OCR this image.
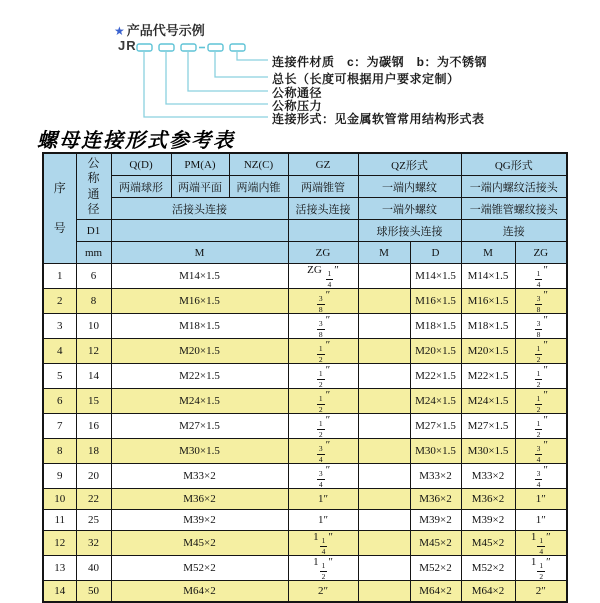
★ 产品代号示例
JR
连接件材质　c：为碳钢　b：为不锈钢
总长（长度可根据用户要求定制）
公称通径
公称压力
连接形式：见金属软管常用结构形式表
螺母连接形式参考表
序
号

公
称
通
径
	Q(D)	PM(A)	NZ(C)	GZ	QZ形式	QG形式
		两端球形	两端平面	两端内锥	两端锥管	一端内螺纹		一端内螺纹活接头	
		活接头连接			活接头连接	一端外螺纹		一端锥管螺纹接头	
	D1					球形接头连接		连接	
	mm	M			ZG	M	D	M	ZG
1	6	M14×1.5			ZG $\frac{1}{4}$ ″		M14×1.5	M14×1.5	$\frac{1}{4}$ ″
2	8	M16×1.5			$\frac{3}{8}$ ″		M16×1.5	M16×1.5	$\frac{3}{8}$ ″
3	10	M18×1.5			$\frac{3}{8}$ ″		M18×1.5	M18×1.5	$\frac{3}{8}$ ″
4	12	M20×1.5			$\frac{1}{2}$ ″		M20×1.5	M20×1.5	$\frac{1}{2}$ ″
5	14	M22×1.5			$\frac{1}{2}$ ″		M22×1.5	M22×1.5	$\frac{1}{2}$ ″
6	15	M24×1.5			$\frac{1}{2}$ ″		M24×1.5	M24×1.5	$\frac{1}{2}$ ″
7	16	M27×1.5			$\frac{1}{2}$ ″		M27×1.5	M27×1.5	$\frac{1}{2}$ ″
8	18	M30×1.5			$\frac{3}{4}$ ″		M30×1.5	M30×1.5	$\frac{3}{4}$ ″
9	20	M33×2			$\frac{3}{4}$ ″		M33×2	M33×2	$\frac{3}{4}$ ″
10	22	M36×2			1″		M36×2	M36×2	1″
11	25	M39×2			1″		M39×2	M39×2	1″
12	32	M45×2			$1 \frac{1}{4}$ ″		M45×2	M45×2	$1 \frac{1}{4}$ ″
13	40	M52×2			$1 \frac{1}{2}$ ″		M52×2	M52×2	$1 \frac{1}{2}$ ″
14	50	M64×2			2″		M64×2	M64×2	2″
